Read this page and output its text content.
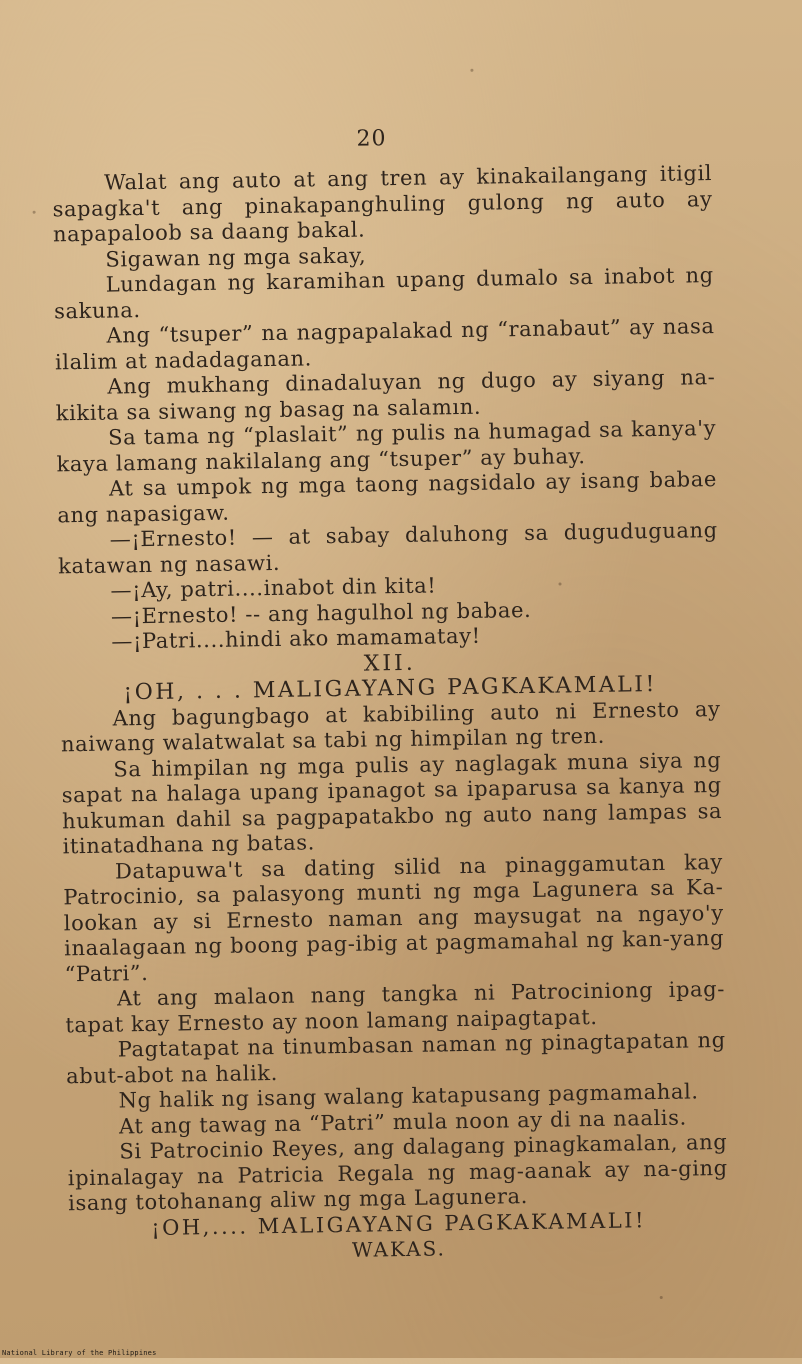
20

Walat ang auto at ang tren ay kinakailangang itigil sapagka't ang pinakapanghuling gulong ng auto ay napapaloob sa daang bakal.

Sigawan ng mga sakay,

Lundagan ng karamihan upang dumalo sa inabot ng sakuna.

Ang “tsuper” na nagpapalakad ng “ranabaut” ay nasa ilalim at nadadaganan.

Ang mukhang dinadaluyan ng dugo ay siyang na-kikita sa siwang ng basag na salamın.

Sa tama ng “plaslait” ng pulis na humagad sa kanya'y kaya lamang nakilalang ang “tsuper” ay buhay.

At sa umpok ng mga taong nagsidalo ay isang babae ang napasigaw.

—¡Ernesto! — at sabay daluhong sa duguduguang katawan ng nasawi.

—¡Ay, patri....inabot din kita!

—¡Ernesto! -- ang hagulhol ng babae.

—¡Patri....hindi ako mamamatay!

XII.

¡OH, . . . MALIGAYANG PAGKAKAMALI!

Ang bagungbago at kabibiling auto ni Ernesto ay naiwang walatwalat sa tabi ng himpilan ng tren.

Sa himpilan ng mga pulis ay naglagak muna siya ng sapat na halaga upang ipanagot sa ipaparusa sa kanya ng hukuman dahil sa pagpapatakbo ng auto nang lampas sa itinatadhana ng batas.

Datapuwa't sa dating silid na pinaggamutan kay Patrocinio, sa palasyong munti ng mga Lagunera sa Ka-lookan ay si Ernesto naman ang maysugat na ngayo'y inaalagaan ng boong pag-ibig at pagmamahal ng kan-yang “Patri”.

At ang malaon nang tangka ni Patrociniong ipag-tapat kay Ernesto ay noon lamang naipagtapat.

Pagtatapat na tinumbasan naman ng pinagtapatan ng abut-abot na halik.

Ng halik ng isang walang katapusang pagmamahal.

At ang tawag na “Patri” mula noon ay di na naalis.

Si Patrocinio Reyes, ang dalagang pinagkamalan, ang ipinalagay na Patricia Regala ng mag-aanak ay na-ging isang totohanang aliw ng mga Lagunera.

¡OH,.... MALIGAYANG PAGKAKAMALI!

WAKAS.

National Library of the Philippines
